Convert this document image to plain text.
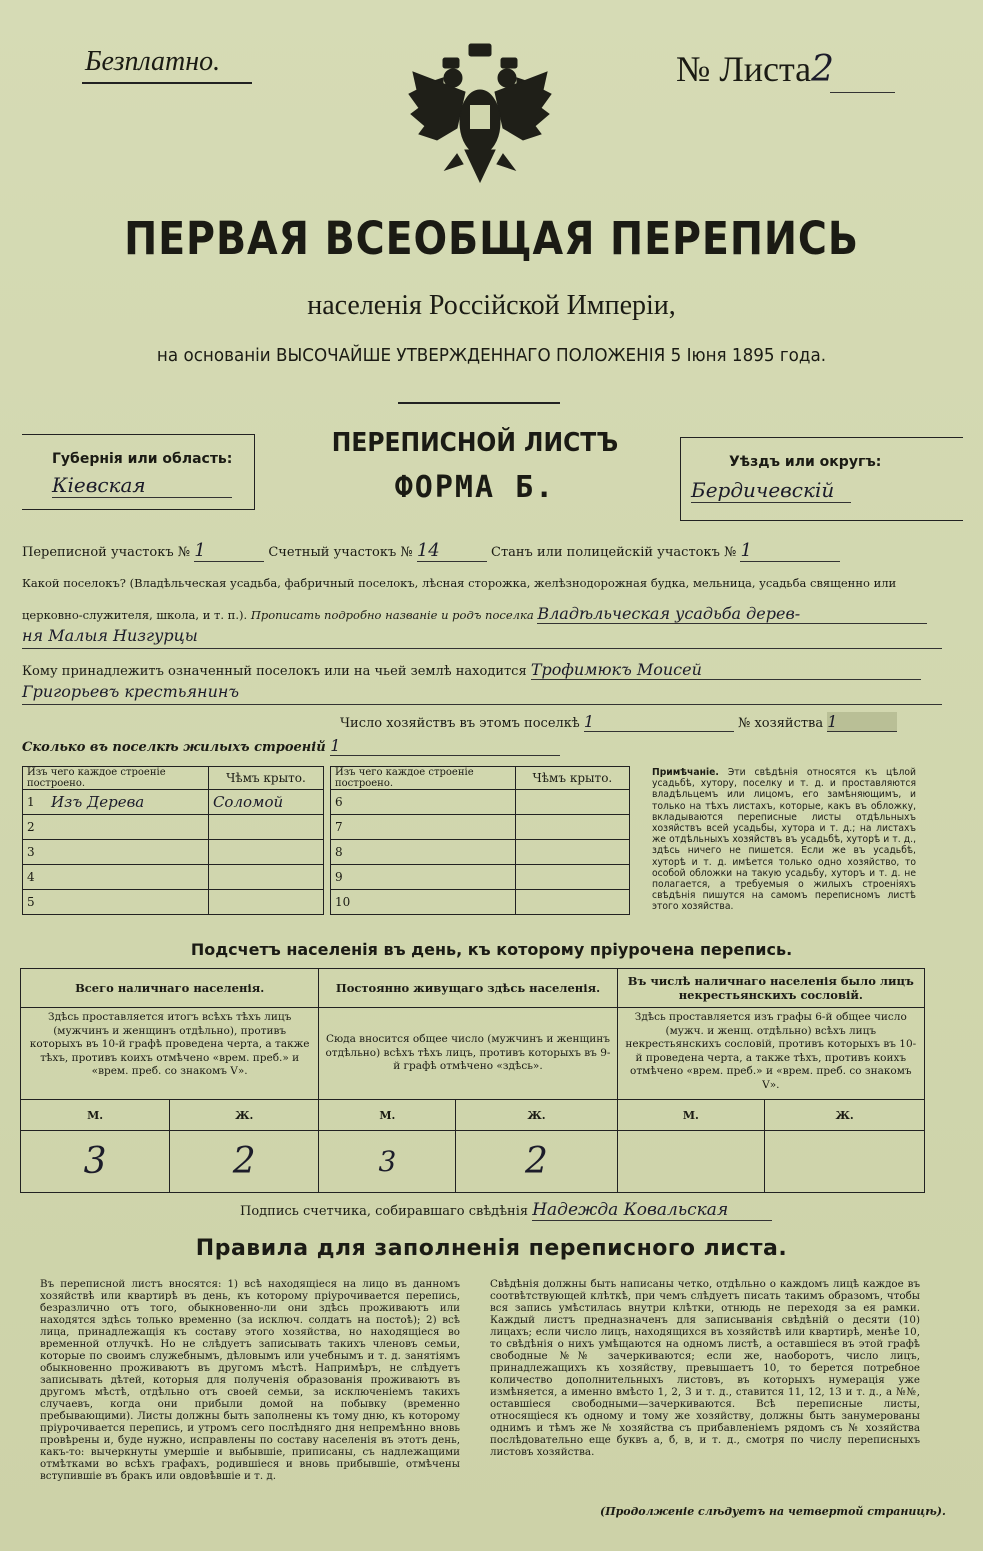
Безплатно.	№ Листа2
ПЕРВАЯ ВСЕОБЩАЯ ПЕРЕПИСЬ
населенія Россійской Имперіи,
на основаніи ВЫСОЧАЙШЕ УТВЕРЖДЕННАГО ПОЛОЖЕНІЯ 5 Іюня 1895 года.
Губернія или область:
Кіевская
ПЕРЕПИСНОЙ ЛИСТЪ
ФОРМА Б.
Уѣздъ или округъ:
Бердичевскій
Переписной участокъ № 1	Счетный участокъ № 14	Станъ или полицейскій участокъ № 1
Какой поселокъ? (Владѣльческая усадьба, фабричный поселокъ, лѣсная сторожка, желѣзнодорожная будка, мельница, усадьба священно или
церковно-служителя, школа, и т. п.). Прописать подробно названіе и родъ поселка Владѣльческая усадьба дерев-
ня Малыя Низгурцы
Кому принадлежитъ означенный поселокъ или на чьей землѣ находится Трофимюкъ Моисей
Григорьевъ крестьянинъ
Число хозяйствъ въ этомъ поселкѣ 1	№ хозяйства 1
Сколько въ поселкѣ жилыхъ строеній 1
Изъ чего каждое строеніе построено.		Чѣмъ крыто.
1	Изъ Дерева	Соломой
2		
3		
4		
5		
Изъ чего каждое строеніе построено.		Чѣмъ крыто.
6		
7		
8		
9		
10		
Примѣчаніе. Эти свѣдѣнія относятся къ цѣлой усадьбѣ, хутору, поселку и т. д. и проставляются владѣльцемъ или лицомъ, его замѣняющимъ, и только на тѣхъ листахъ, которые, какъ въ обложку, вкладываются переписные листы отдѣльныхъ хозяйствъ всей усадьбы, хутора и т. д.; на листахъ же отдѣльныхъ хозяйствъ въ усадьбѣ, хуторѣ и т. д., здѣсь ничего не пишется. Если же въ усадьбѣ, хуторѣ и т. д. имѣется только одно хозяйство, то особой обложки на такую усадьбу, хуторъ и т. д. не полагается, а требуемыя о жилыхъ строеніяхъ свѣдѣнія пишутся на самомъ переписномъ листѣ этого хозяйства.
Подсчетъ населенія въ день, къ которому пріурочена перепись.
Всего наличнаго населенія.		Постоянно живущаго здѣсь населенія.		Въ числѣ наличнаго населенія было лицъ некрестьянскихъ сословій.	
Здѣсь проставляется итогъ всѣхъ тѣхъ лицъ (мужчинъ и женщинъ отдѣльно), противъ которыхъ въ 10-й графѣ проведена черта, а также тѣхъ, противъ коихъ отмѣчено «врем. преб.» и «врем. преб. со знакомъ V».		Сюда вносится общее число (мужчинъ и женщинъ отдѣльно) всѣхъ тѣхъ лицъ, противъ которыхъ въ 9-й графѣ отмѣчено «здѣсь».		Здѣсь проставляется изъ графы 6-й общее число (мужч. и женщ. отдѣльно) всѣхъ лицъ некрестьянскихъ сословій, противъ которыхъ въ 10-й проведена черта, а также тѣхъ, противъ коихъ отмѣчено «врем. преб.» и «врем. преб. со знакомъ V».	
М.	Ж.	М.	Ж.	М.	Ж.
3	2	3	2		
Подпись счетчика, собиравшаго свѣдѣнія Надежда Ковальская
Правила для заполненія переписного листа.
Въ переписной листъ вносятся: 1) всѣ находящіеся на лицо въ данномъ хозяйствѣ или квартирѣ въ день, къ которому пріурочивается перепись, безразлично отъ того, обыкновенно-ли они здѣсь проживаютъ или находятся здѣсь только временно (за исключ. солдатъ на постоѣ); 2) всѣ лица, принадлежащія къ составу этого хозяйства, но находящіеся во временной отлучкѣ. Но не слѣдуетъ записывать такихъ членовъ семьи, которые по своимъ служебнымъ, дѣловымъ или учебнымъ и т. д. занятіямъ обыкновенно проживаютъ въ другомъ мѣстѣ. Напримѣръ, не слѣдуетъ записывать дѣтей, которыя для полученія образованія проживаютъ въ другомъ мѣстѣ, отдѣльно отъ своей семьи, за исключеніемъ такихъ случаевъ, когда они прибыли домой на побывку (временно пребывающими). Листы должны быть заполнены къ тому дню, къ которому пріурочивается перепись, и утромъ сего послѣдняго дня непремѣнно вновь провѣрены и, буде нужно, исправлены по составу населенія въ этотъ день, какъ-то: вычеркнуты умершіе и выбывшіе, приписаны, съ надлежащими отмѣтками во всѣхъ графахъ, родившіеся и вновь прибывшіе, отмѣчены вступившіе въ бракъ или овдовѣвшіе и т. д.
Свѣдѣнія должны быть написаны четко, отдѣльно о каждомъ лицѣ каждое въ соотвѣтствующей клѣткѣ, при чемъ слѣдуетъ писать такимъ образомъ, чтобы вся запись умѣстилась внутри клѣтки, отнюдь не переходя за ея рамки. Каждый листъ предназначенъ для записыванія свѣдѣній о десяти (10) лицахъ; если число лицъ, находящихся въ хозяйствѣ или квартирѣ, менѣе 10, то свѣдѣнія о нихъ умѣщаются на одномъ листѣ, а оставшіеся въ этой графѣ свободные №№ зачеркиваются; если же, наоборотъ, число лицъ, принадлежащихъ къ хозяйству, превышаетъ 10, то берется потребное количество дополнительныхъ листовъ, въ которыхъ нумерація уже измѣняется, а именно вмѣсто 1, 2, 3 и т. д., ставится 11, 12, 13 и т. д., а №№, оставшіеся свободными—зачеркиваются. Всѣ переписные листы, относящіеся къ одному и тому же хозяйству, должны быть занумерованы однимъ и тѣмъ же № хозяйства съ прибавленіемъ рядомъ съ № хозяйства послѣдовательно еще буквъ а, б, в, и т. д., смотря по числу переписныхъ листовъ хозяйства.
(Продолженіе слѣдуетъ на четвертой страницѣ).
